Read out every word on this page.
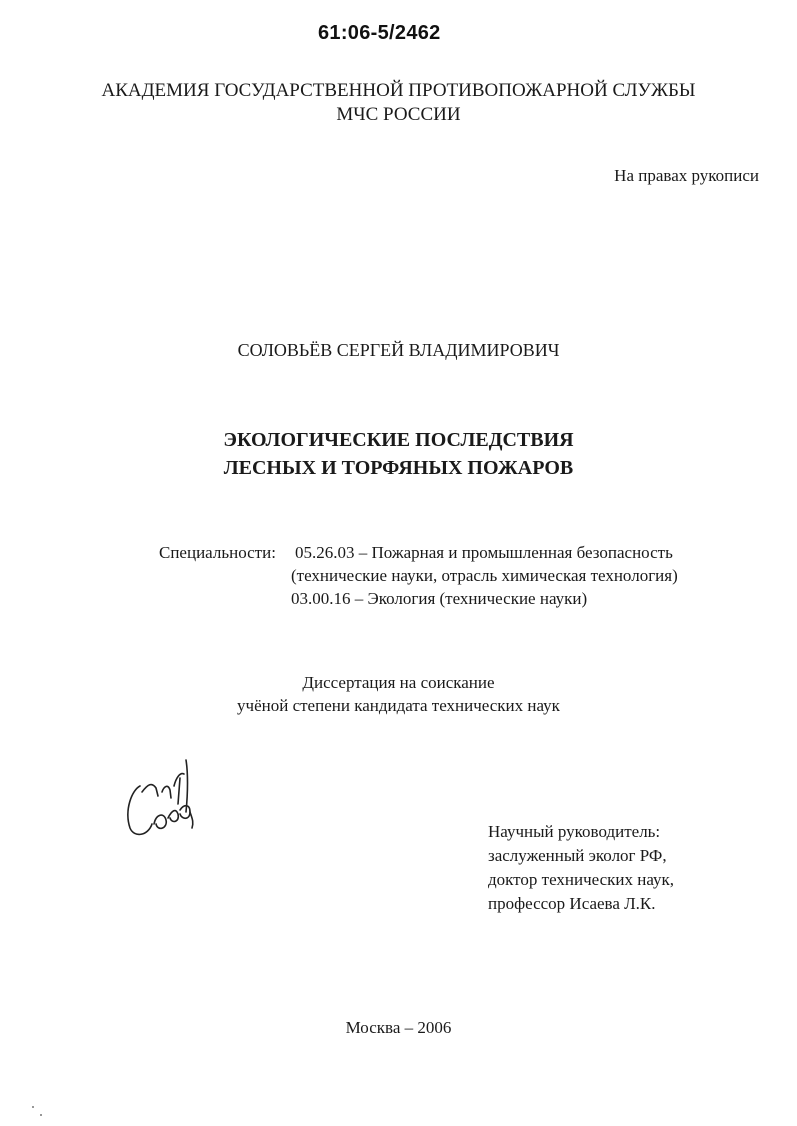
61:06-5/2462
АКАДЕМИЯ ГОСУДАРСТВЕННОЙ ПРОТИВОПОЖАРНОЙ СЛУЖБЫ
МЧС РОССИИ
На правах рукописи
СОЛОВЬЁВ СЕРГЕЙ ВЛАДИМИРОВИЧ
ЭКОЛОГИЧЕСКИЕ ПОСЛЕДСТВИЯ
ЛЕСНЫХ И ТОРФЯНЫХ ПОЖАРОВ
Специальности: 05.26.03 – Пожарная и промышленная безопасность
(технические науки, отрасль химическая технология)
03.00.16 – Экология (технические науки)
Диссертация на соискание
учёной степени кандидата технических наук
Научный руководитель:
заслуженный эколог РФ,
доктор технических наук,
профессор Исаева Л.К.
Москва – 2006
